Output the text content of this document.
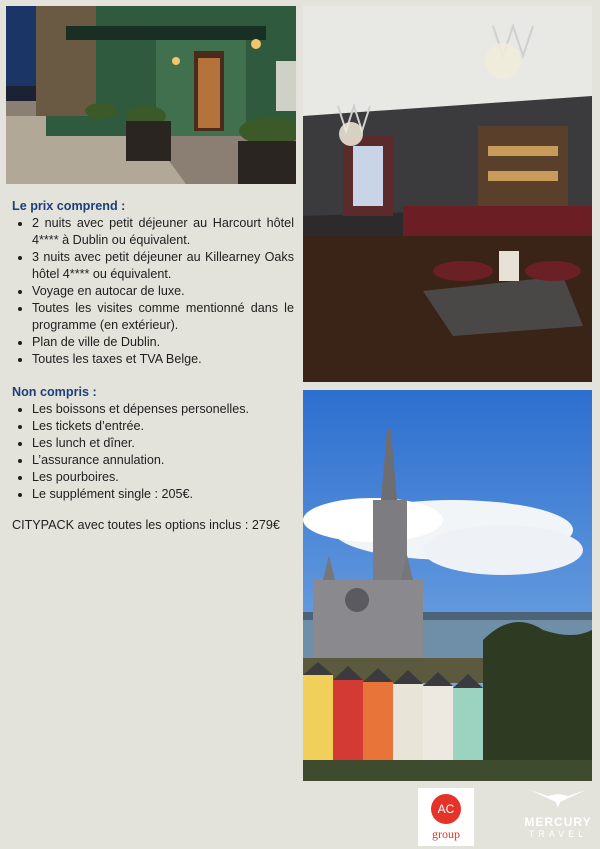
Le prix comprend :

• 2 nuits avec petit déjeuner au Harcourt hôtel 4**** à Dublin ou équivalent.
• 3 nuits avec petit déjeuner au Killearney Oaks hôtel 4**** ou équivalent.
• Voyage en autocar de luxe.
• Toutes les visites comme mentionné dans le programme (en extérieur).
• Plan de ville de Dublin.
• Toutes les taxes et TVA Belge.

Non compris :

• Les boissons et dépenses personelles.
• Les tickets d’entrée.
• Les lunch et dîner.
• L’assurance annulation.
• Les pourboires.
• Le supplément single : 205€.
CITYPACK avec toutes les options inclus : 279€
AC
group
MERCURY
TRAVEL
